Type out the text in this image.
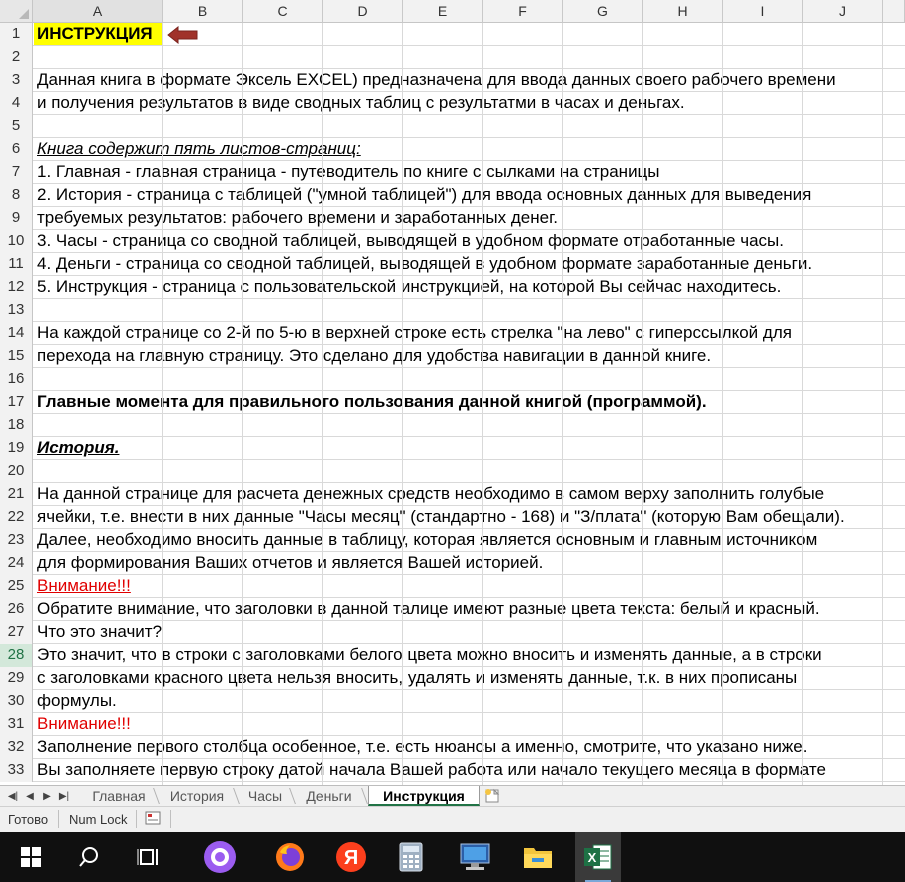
A	B	C	D	E	F	G	H	I	J
1 ИНСТРУКЦИЯ
2
3 Данная книга в формате Эксель EXCEL) предназначена для ввода данных своего рабочего времени
4 и получения результатов в виде сводных таблиц с результатми в часах и деньгах.
5
6 Книга содержит пять листов-страниц:
7 1. Главная - главная страница - путеводитель по книге с сылками на страницы
8 2. История - страница с таблицей ("умной таблицей") для ввода основных данных для выведения
9 требуемых результатов: рабочего времени и заработанных денег.
10 3. Часы - страница со сводной таблицей, выводящей в удобном формате отработанные часы.
11 4. Деньги - страница со сводной таблицей, выводящей в удобном формате заработанные деньги.
12 5. Инструкция - страница с пользовательской инструкцией, на которой Вы сейчас находитесь.
13
14 На каждой странице со 2-й по 5-ю в верхней строке есть стрелка "на лево" с гиперссылкой для
15 перехода на главную страницу. Это сделано для удобства навигации в данной книге.
16
17 Главные момента для правильного пользования данной книгой (программой).
18
19 История.
20
21 На данной странице для расчета денежных средств необходимо в самом верху заполнить голубые
22 ячейки, т.е. внести в них данные "Часы месяц" (стандартно - 168) и "З/плата" (которую Вам обещали).
23 Далее, необходимо вносить данные в таблицу, которая является основным и главным источником
24 для формирования Ваших отчетов и является Вашей историей.
25 Внимание!!!
26 Обратите внимание, что заголовки в данной талице имеют разные цвета текста: белый и красный.
27 Что это значит?
28 Это значит, что в строки с заголовками белого цвета можно вносить и изменять данные, а в строки
29 с заголовками красного цвета нельзя вносить, удалять и изменять данные, т.к. в них прописаны
30 формулы.
31 Внимание!!!
32 Заполнение первого столбца особенное, т.е. есть нюансы а именно, смотрите, что указано ниже.
33 Вы заполняете первую строку датой начала Вашей работа или начало текущего месяца в формате
◀| ◀ ▶ ▶|	Главная	История	Часы	Деньги	Инструкция
Готово Num Lock
Я	X
